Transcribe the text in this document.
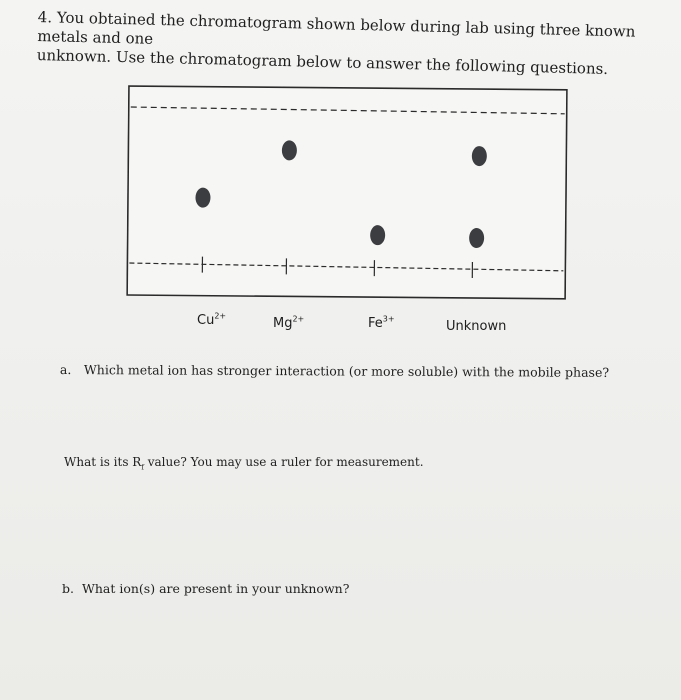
4. You obtained the chromatogram shown below during lab using three known metals and one
unknown. Use the chromatogram below to answer the following questions.
$Cu^{2+}$	$Mg^{2+}$	$Fe^{3+}$	Unknown
a. Which metal ion has stronger interaction (or more soluble) with the mobile phase?
What is its $R_f$ value? You may use a ruler for measurement.
b. What ion(s) are present in your unknown?
